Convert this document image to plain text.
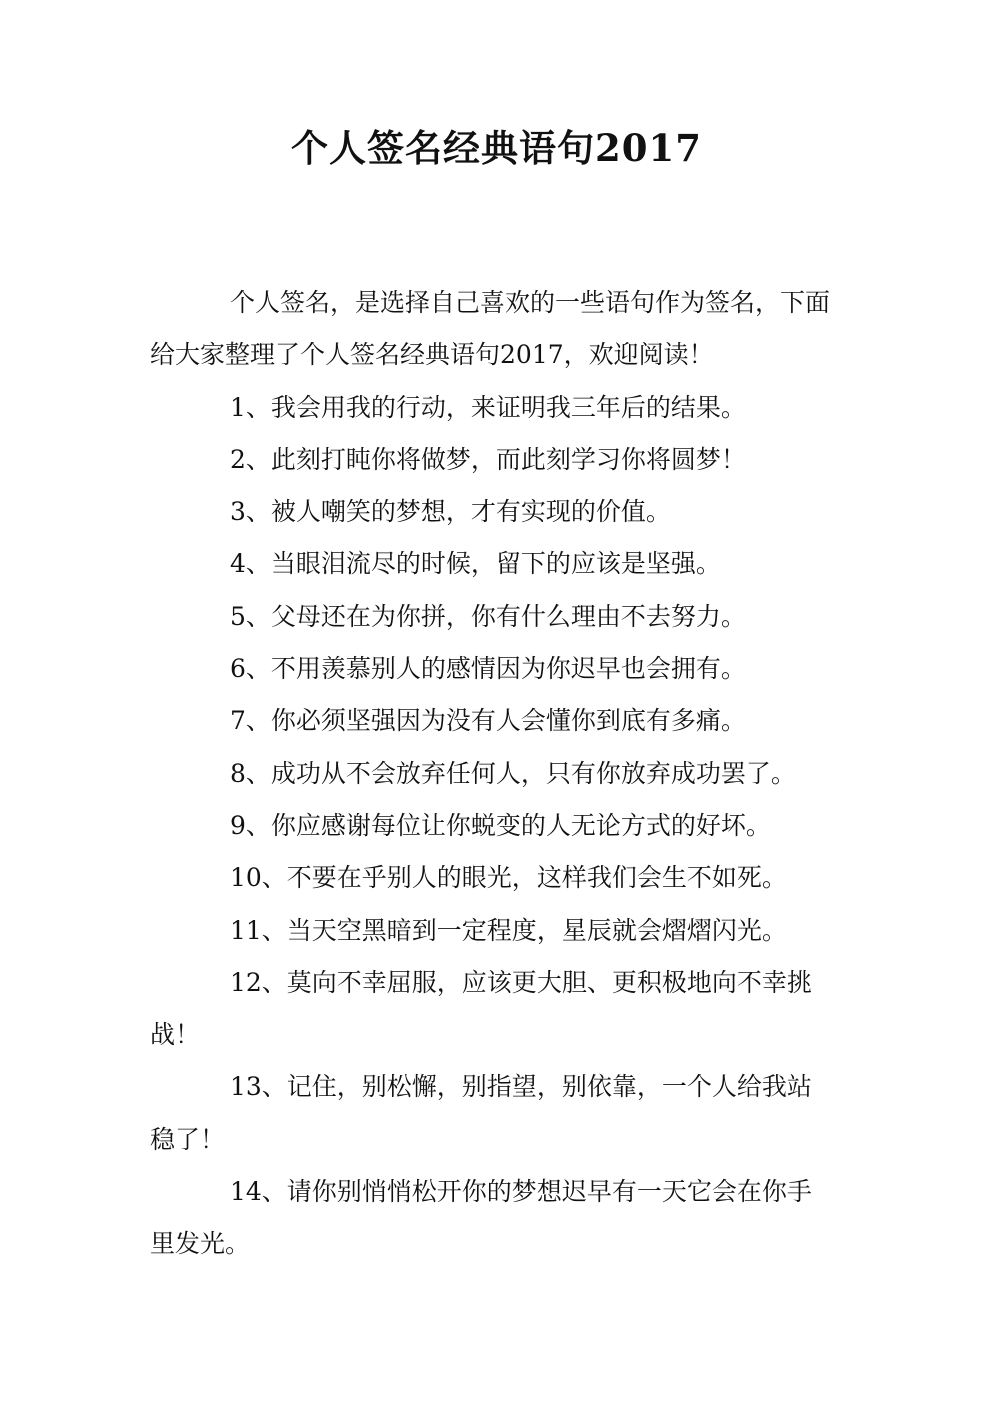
个人签名经典语句2017

个人签名，是选择自己喜欢的一些语句作为签名，下面给大家整理了个人签名经典语句2017，欢迎阅读！

1、我会用我的行动，来证明我三年后的结果。

2、此刻打盹你将做梦，而此刻学习你将圆梦！

3、被人嘲笑的梦想，才有实现的价值。

4、当眼泪流尽的时候，留下的应该是坚强。

5、父母还在为你拼，你有什么理由不去努力。

6、不用羡慕别人的感情因为你迟早也会拥有。

7、你必须坚强因为没有人会懂你到底有多痛。

8、成功从不会放弃任何人，只有你放弃成功罢了。

9、你应感谢每位让你蜕变的人无论方式的好坏。

10、不要在乎别人的眼光，这样我们会生不如死。

11、当天空黑暗到一定程度，星辰就会熠熠闪光。

12、莫向不幸屈服，应该更大胆、更积极地向不幸挑战！

13、记住，别松懈，别指望，别依靠，一个人给我站稳了！

14、请你别悄悄松开你的梦想迟早有一天它会在你手里发光。
